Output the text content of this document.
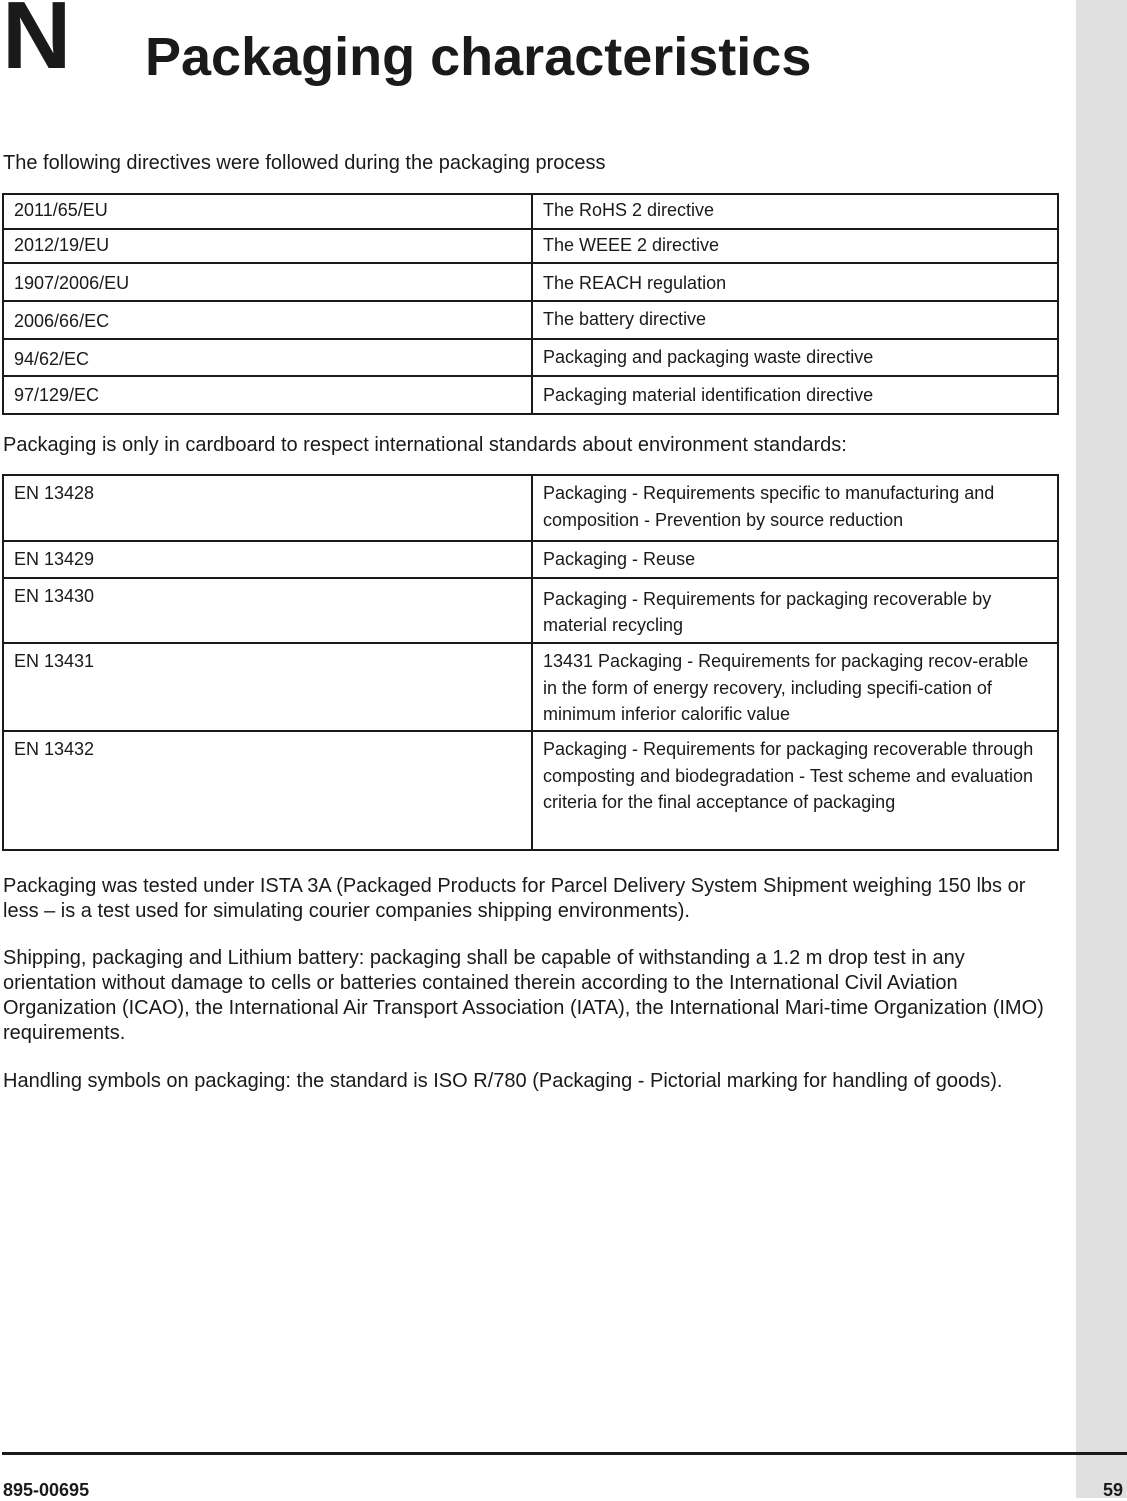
N Packaging characteristics

The following directives were followed during the packaging process

2011/65/EU	The RoHS 2 directive
2012/19/EU	The WEEE 2 directive
1907/2006/EU	The REACH regulation
2006/66/EC	The battery directive
94/62/EC	Packaging and packaging waste directive
97/129/EC	Packaging material identification directive

Packaging is only in cardboard to respect international standards about environment standards:

EN 13428	Packaging - Requirements specific to manufacturing and composition - Prevention by source reduction
EN 13429	Packaging - Reuse
EN 13430	Packaging - Requirements for packaging recoverable by material recycling
EN 13431	13431 Packaging - Requirements for packaging recov-erable in the form of energy recovery, including specifi-cation of minimum inferior calorific value
EN 13432	Packaging - Requirements for packaging recoverable through composting and biodegradation - Test scheme and evaluation criteria for the final acceptance of packaging

Packaging was tested under ISTA 3A (Packaged Products for Parcel Delivery System Shipment weighing 150 lbs or less – is a test used for simulating courier companies shipping environments).

Shipping, packaging and Lithium battery: packaging shall be capable of withstanding a 1.2 m drop test in any orientation without damage to cells or batteries contained therein according to the International Civil Aviation Organization (ICAO), the International Air Transport Association (IATA), the International Mari-time Organization (IMO) requirements.

Handling symbols on packaging: the standard is ISO R/780 (Packaging - Pictorial marking for handling of goods).

895-00695	59
